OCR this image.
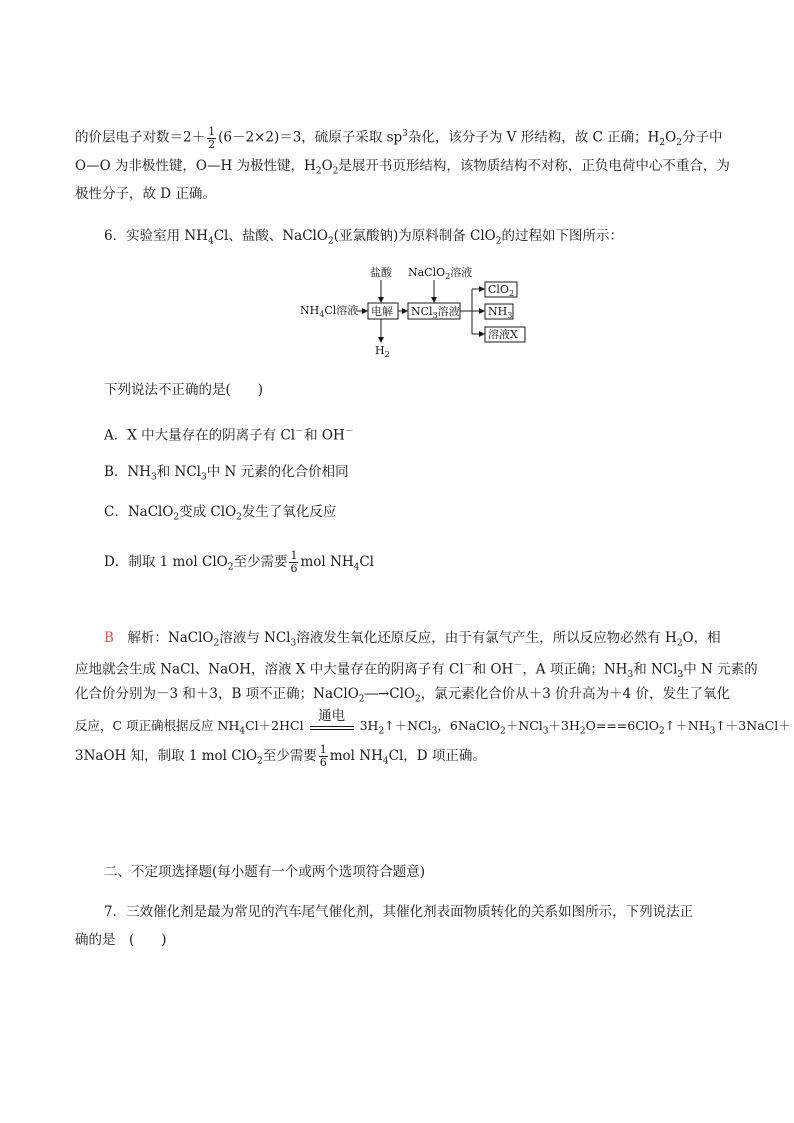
的价层电子对数$=2+ \frac{1}{2} (6-2\times 2)=3$，硫原子采取 $sp^3$杂化，该分子为 V 形结构，故 C 正确；$H_2O_2$分子中
O—O 为非极性键，O—H 为极性键，$H_2O_2$是展开书页形结构，该物质结构不对称，正负电荷中心不重合，为
极性分子，故 D 正确。
6．实验室用 $NH_4Cl$、盐酸、NaClO$_2$(亚氯酸钠)为原料制备 ClO$_2$的过程如下图所示：
盐酸 NaClO$_2$溶液
$NH_4Cl$溶液 电解 NCl$_3$溶液
$H_2$
ClO$_2$
$NH_3$
溶液X
下列说法不正确的是(　　)
A．X 中大量存在的阴离子有 Cl－和 OH－
B．$NH_3$和 NCl$_3$中 N 元素的化合价相同
C．NaClO$_2$变成 ClO$_2$发生了氧化反应
D．制取 1 mol ClO$_2$至少需要 $\frac{1}{6}$ mol $NH_4Cl$
B　 解析：NaClO$_2$溶液与 NCl$_3$溶液发生氧化还原反应，由于有氯气产生，所以反应物必然有 $H_2O$，相
应地就会生成 NaCl、NaOH，溶液 X 中大量存在的阴离子有 Cl－和 OH－，A 项正确；$NH_3$和 NCl$_3$中 N 元素的
化合价分别为－3 和＋3，B 项不正确；NaClO$_2$―→ClO$_2$，氯元素化合价从＋3 价升高为＋4 价，发生了氧化
反应，C 项正确根据反应 $NH_4Cl+2HCl$
通电
$3H_2↑+NCl_3$，$6NaClO_2+NCl_3+3H_2O===6ClO_2↑+NH_3↑+3NaCl+$
3NaOH 知，制取 1 mol ClO$_2$至少需要 $\frac{1}{6}$ mol $NH_4Cl$，D 项正确。
二、不定项选择题(每小题有一个或两个选项符合题意)
7．三效催化剂是最为常见的汽车尾气催化剂，其催化剂表面物质转化的关系如图所示，下列说法正
确的是　(　　)
